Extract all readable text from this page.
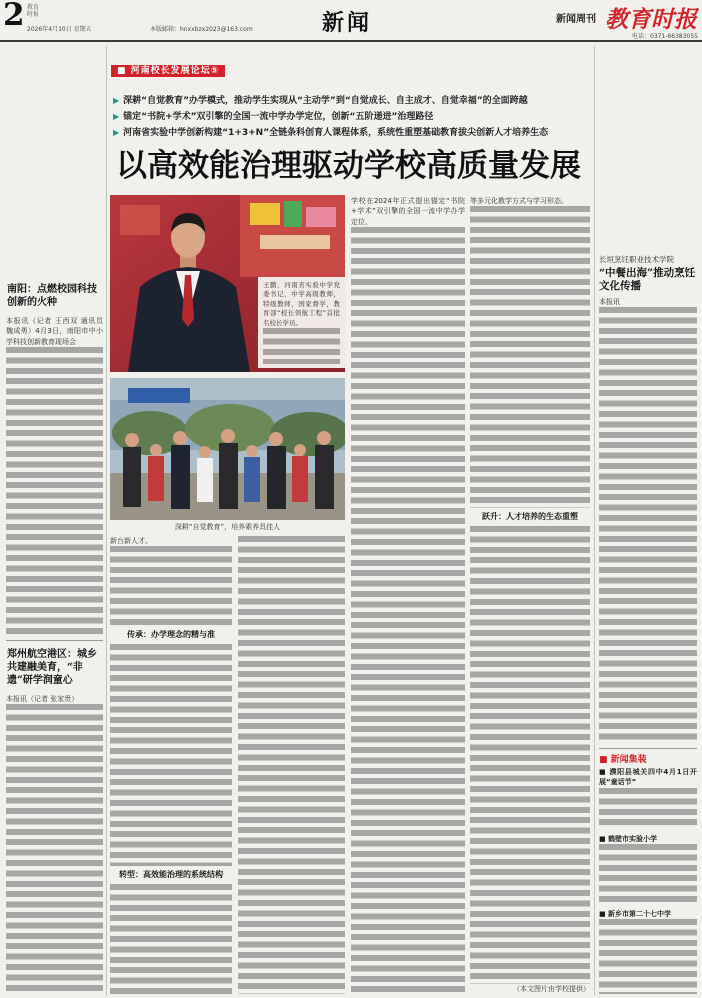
2 教育时报
2026年4月10日 星期五	本版邮箱：hnxxbzx2023@163.com	新闻	新闻周刊 教育时报
电话：0371-66383055
■ 河南校长发展论坛⑤
▶ 深耕“自觉教育”办学模式，推动学生实现从“主动学”到“自觉成长、自主成才、自觉幸福”的全面跨越
▶ 锚定“书院+学术”双引擎的全国一流中学办学定位，创新“五阶递进”治理路径
▶ 河南省实验中学创新构建“1+3+N”全链条科创育人课程体系，系统性重塑基础教育拔尖创新人才培养生态
以高效能治理驱动学校高质量发展
王鹏，河南省实验中学党委书记，中学高级教师，特级教师，国家督学，教育部“校长领航工程”首批名校长学员。
深耕“自觉教育”，培养素养具佳人
新台新人才。
传承：办学理念的精与准
转型：高效能治理的系统结构
学校在2024年正式提出锚定“书院+学术”双引擎的全国一流中学办学定位，
等多元化教学方式与学习形态。
跃升：人才培养的生态重塑
（本文图片由学校提供）
南阳：点燃校园科技创新的火种
本报讯（记者 王西双 通讯员 魏成勇）4月3日，南阳市中小学科技创新教育现场会
郑州航空港区：城乡共建融美育，“非遗”研学润童心
本报讯（记者 张家贵）
长垣烹饪职业技术学院
“中餐出海”推动烹饪文化传播
本报讯
■ 新闻集装
■ 濮阳县城关四中4月1日开展“童话节”
■ 鹤壁市实验小学
■ 新乡市第二十七中学
